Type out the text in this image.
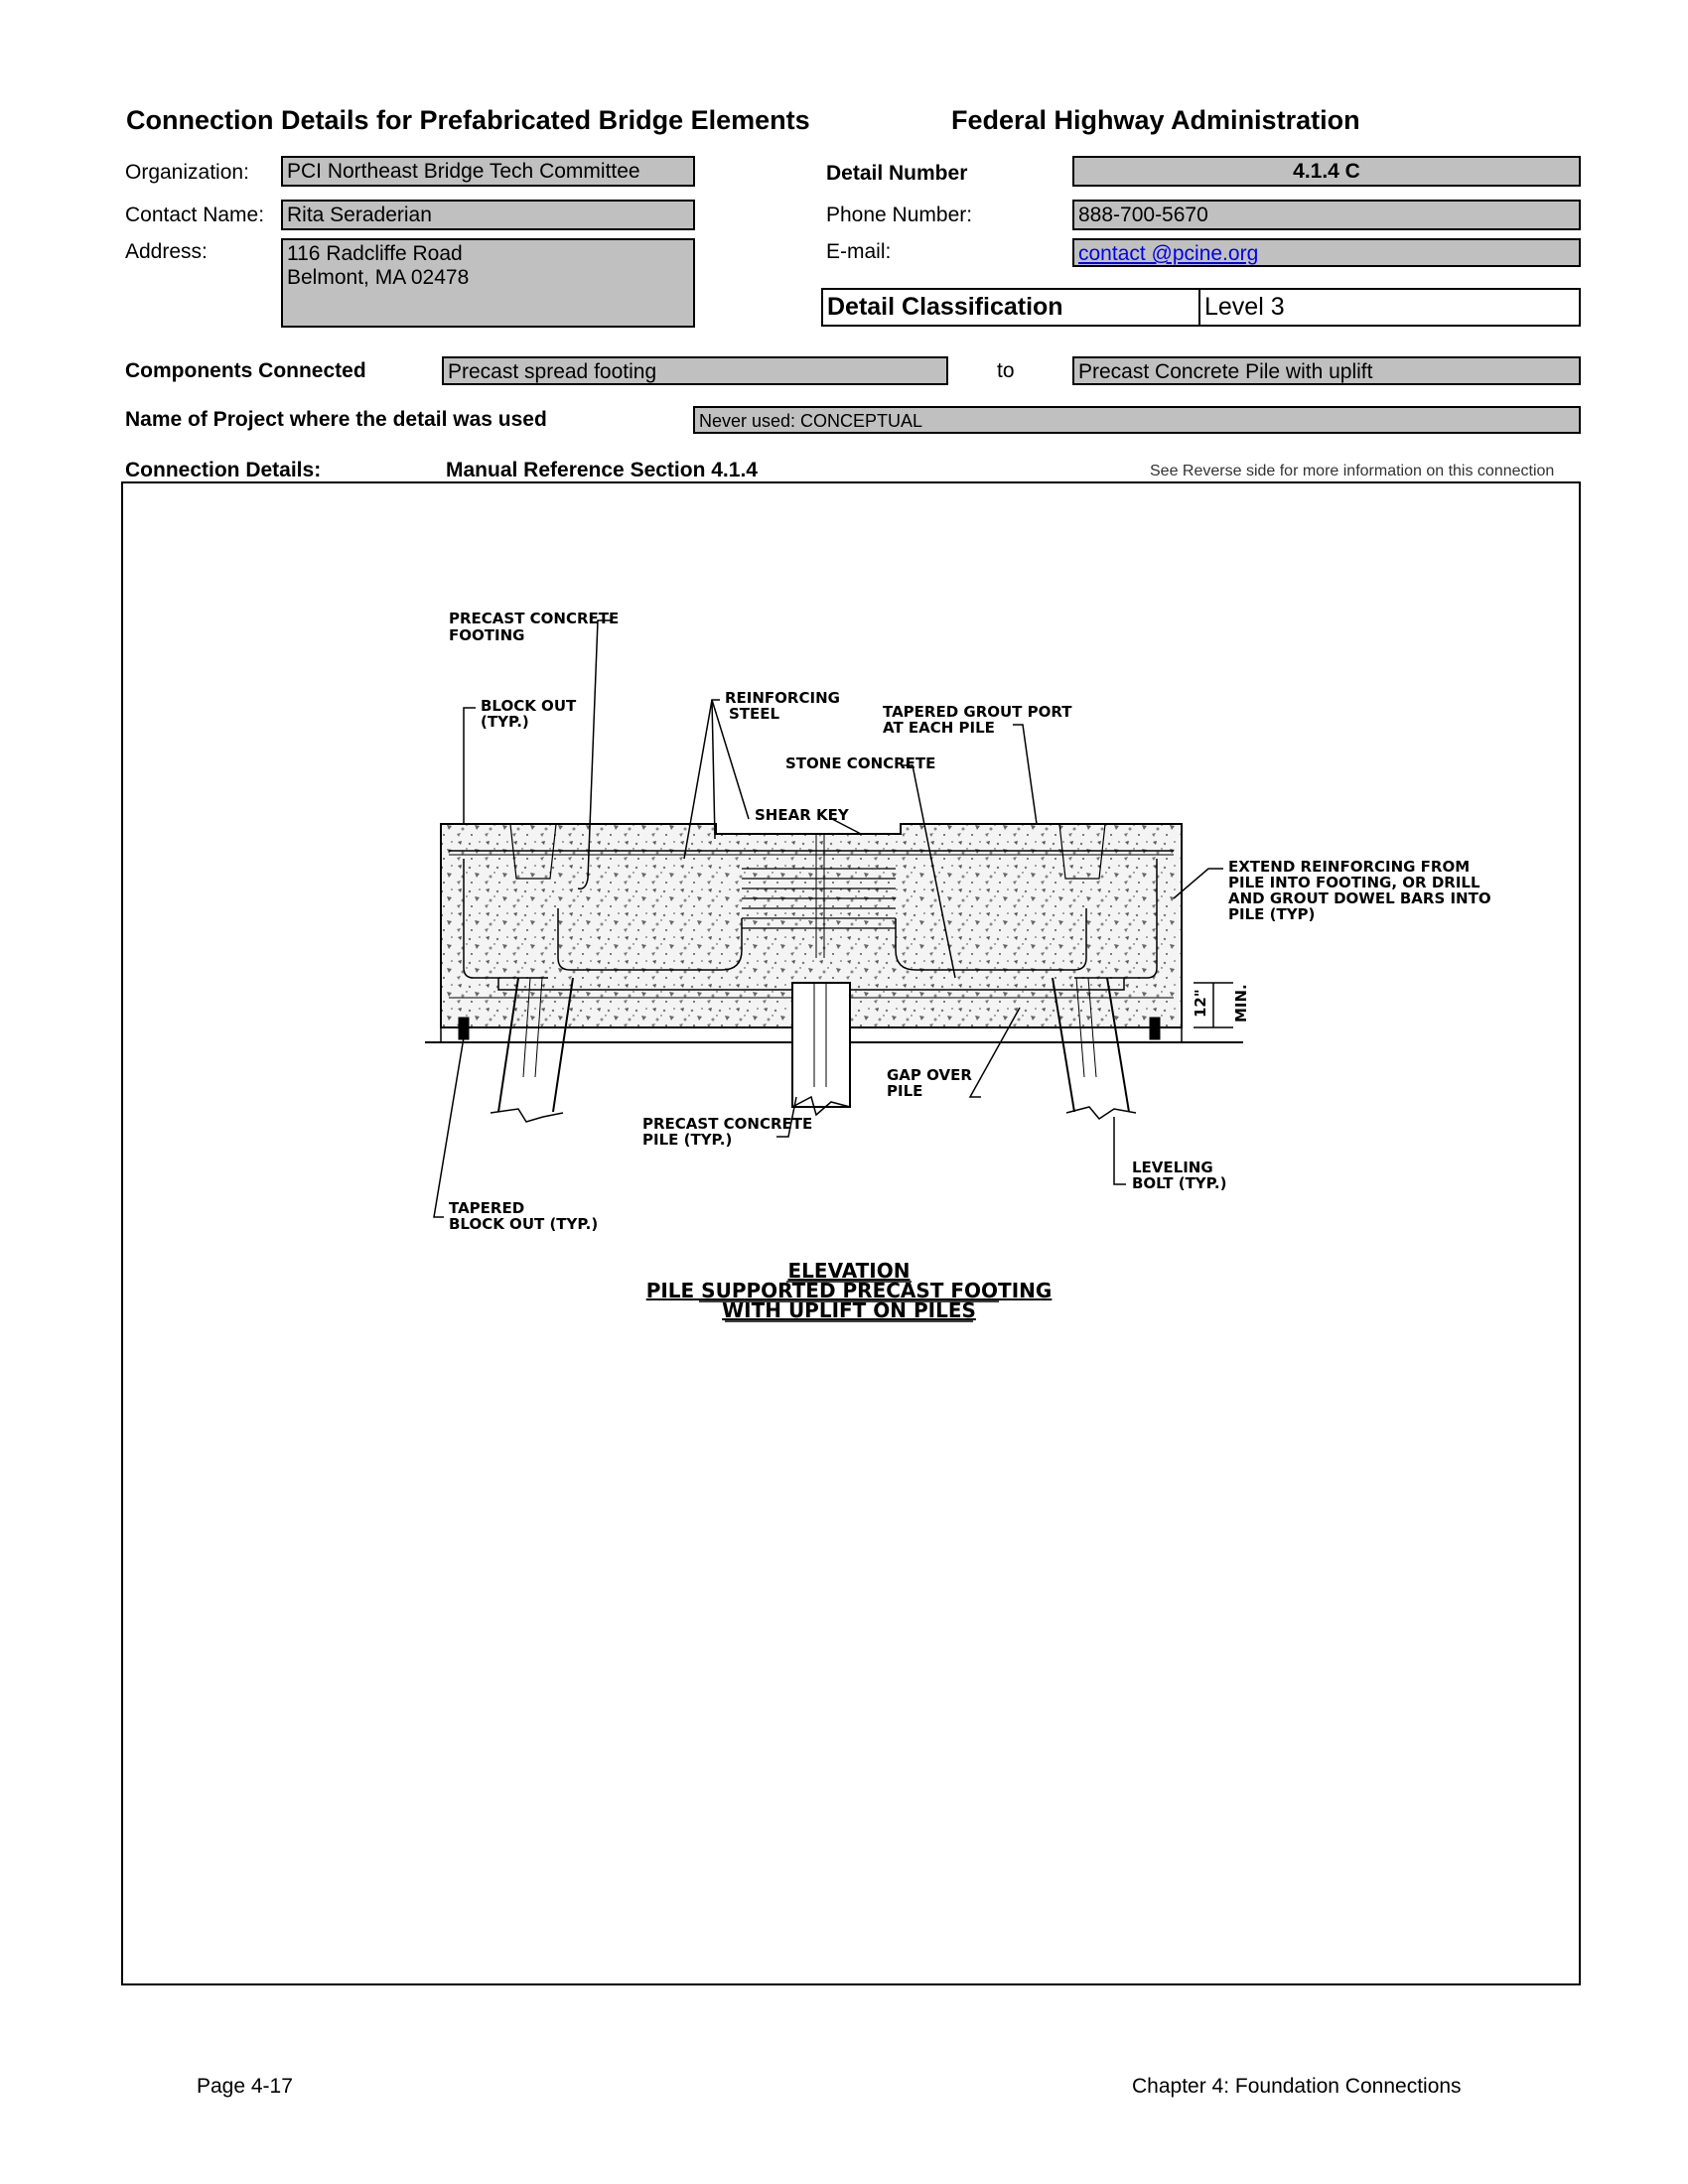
Connection Details for Prefabricated Bridge Elements	Federal Highway Administration
Organization: PCI Northeast Bridge Tech Committee
Contact Name: Rita Seraderian
Address:	116 Radcliffe Road
Belmont, MA 02478
Detail Number	4.1.4 C
Phone Number:	888-700-5670
E-mail:	contact @pcine.org
Detail Classification	Level 3
Components Connected	Precast spread footing	to	Precast Concrete Pile with uplift
Name of Project where the detail was used	Never used: CONCEPTUAL
Connection Details:	Manual Reference Section 4.1.4	See Reverse side for more information on this connection
PRECAST CONCRETE
FOOTING
BLOCK OUT
(TYP.)
REINFORCING
STEEL	TAPERED GROUT PORT
AT EACH PILE
STONE CONCRETE
SHEAR KEY
EXTEND REINFORCING FROM
PILE INTO FOOTING, OR DRILL
AND GROUT DOWEL BARS INTO
PILE (TYP)
12" MIN.
GAP OVER
PILE
PRECAST CONCRETE
PILE (TYP.)
LEVELING
BOLT (TYP.)
TAPERED
BLOCK OUT (TYP.)
ELEVATION
PILE SUPPORTED PRECAST FOOTING
WITH UPLIFT ON PILES
Page 4-17	Chapter 4: Foundation Connections
